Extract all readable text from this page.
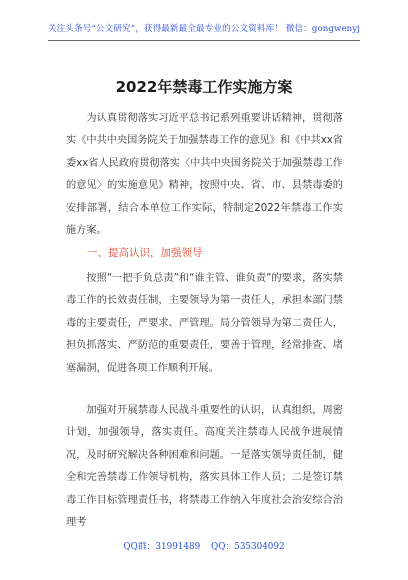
关注头条号“公文研究”，获得最新最全最专业的公文资料库！ 微信：gongwenyj
2022年禁毒工作实施方案

为认真贯彻落实习近平总书记系列重要讲话精神，贯彻落实《中共中央国务院关于加强禁毒工作的意见》和《中共xx省委xx省人民政府贯彻落实〈中共中央国务院关于加强禁毒工作的意见〉的实施意见》精神，按照中央、省、市、县禁毒委的安排部署，结合本单位工作实际，特制定2022年禁毒工作实施方案。

一、提高认识，加强领导

按照“一把手负总责”和“谁主管、谁负责”的要求，落实禁毒工作的长效责任制，主要领导为第一责任人，承担本部门禁毒的主要责任，严要求、严管理。局分管领导为第二责任人，担负抓落实、严防范的重要责任，要善于管理，经常排查、堵塞漏洞，促进各项工作顺利开展。

加强对开展禁毒人民战斗重要性的认识，认真组织，周密计划，加强领导，落实责任。高度关注禁毒人民战争进展情况，及时研究解决各种困难和问题。一是落实领导责任制，健全和完善禁毒工作领导机构，落实具体工作人员；二是签订禁毒工作目标管理责任书，将禁毒工作纳入年度社会治安综合治理考

QQ群：31991489 QQ：535304092
